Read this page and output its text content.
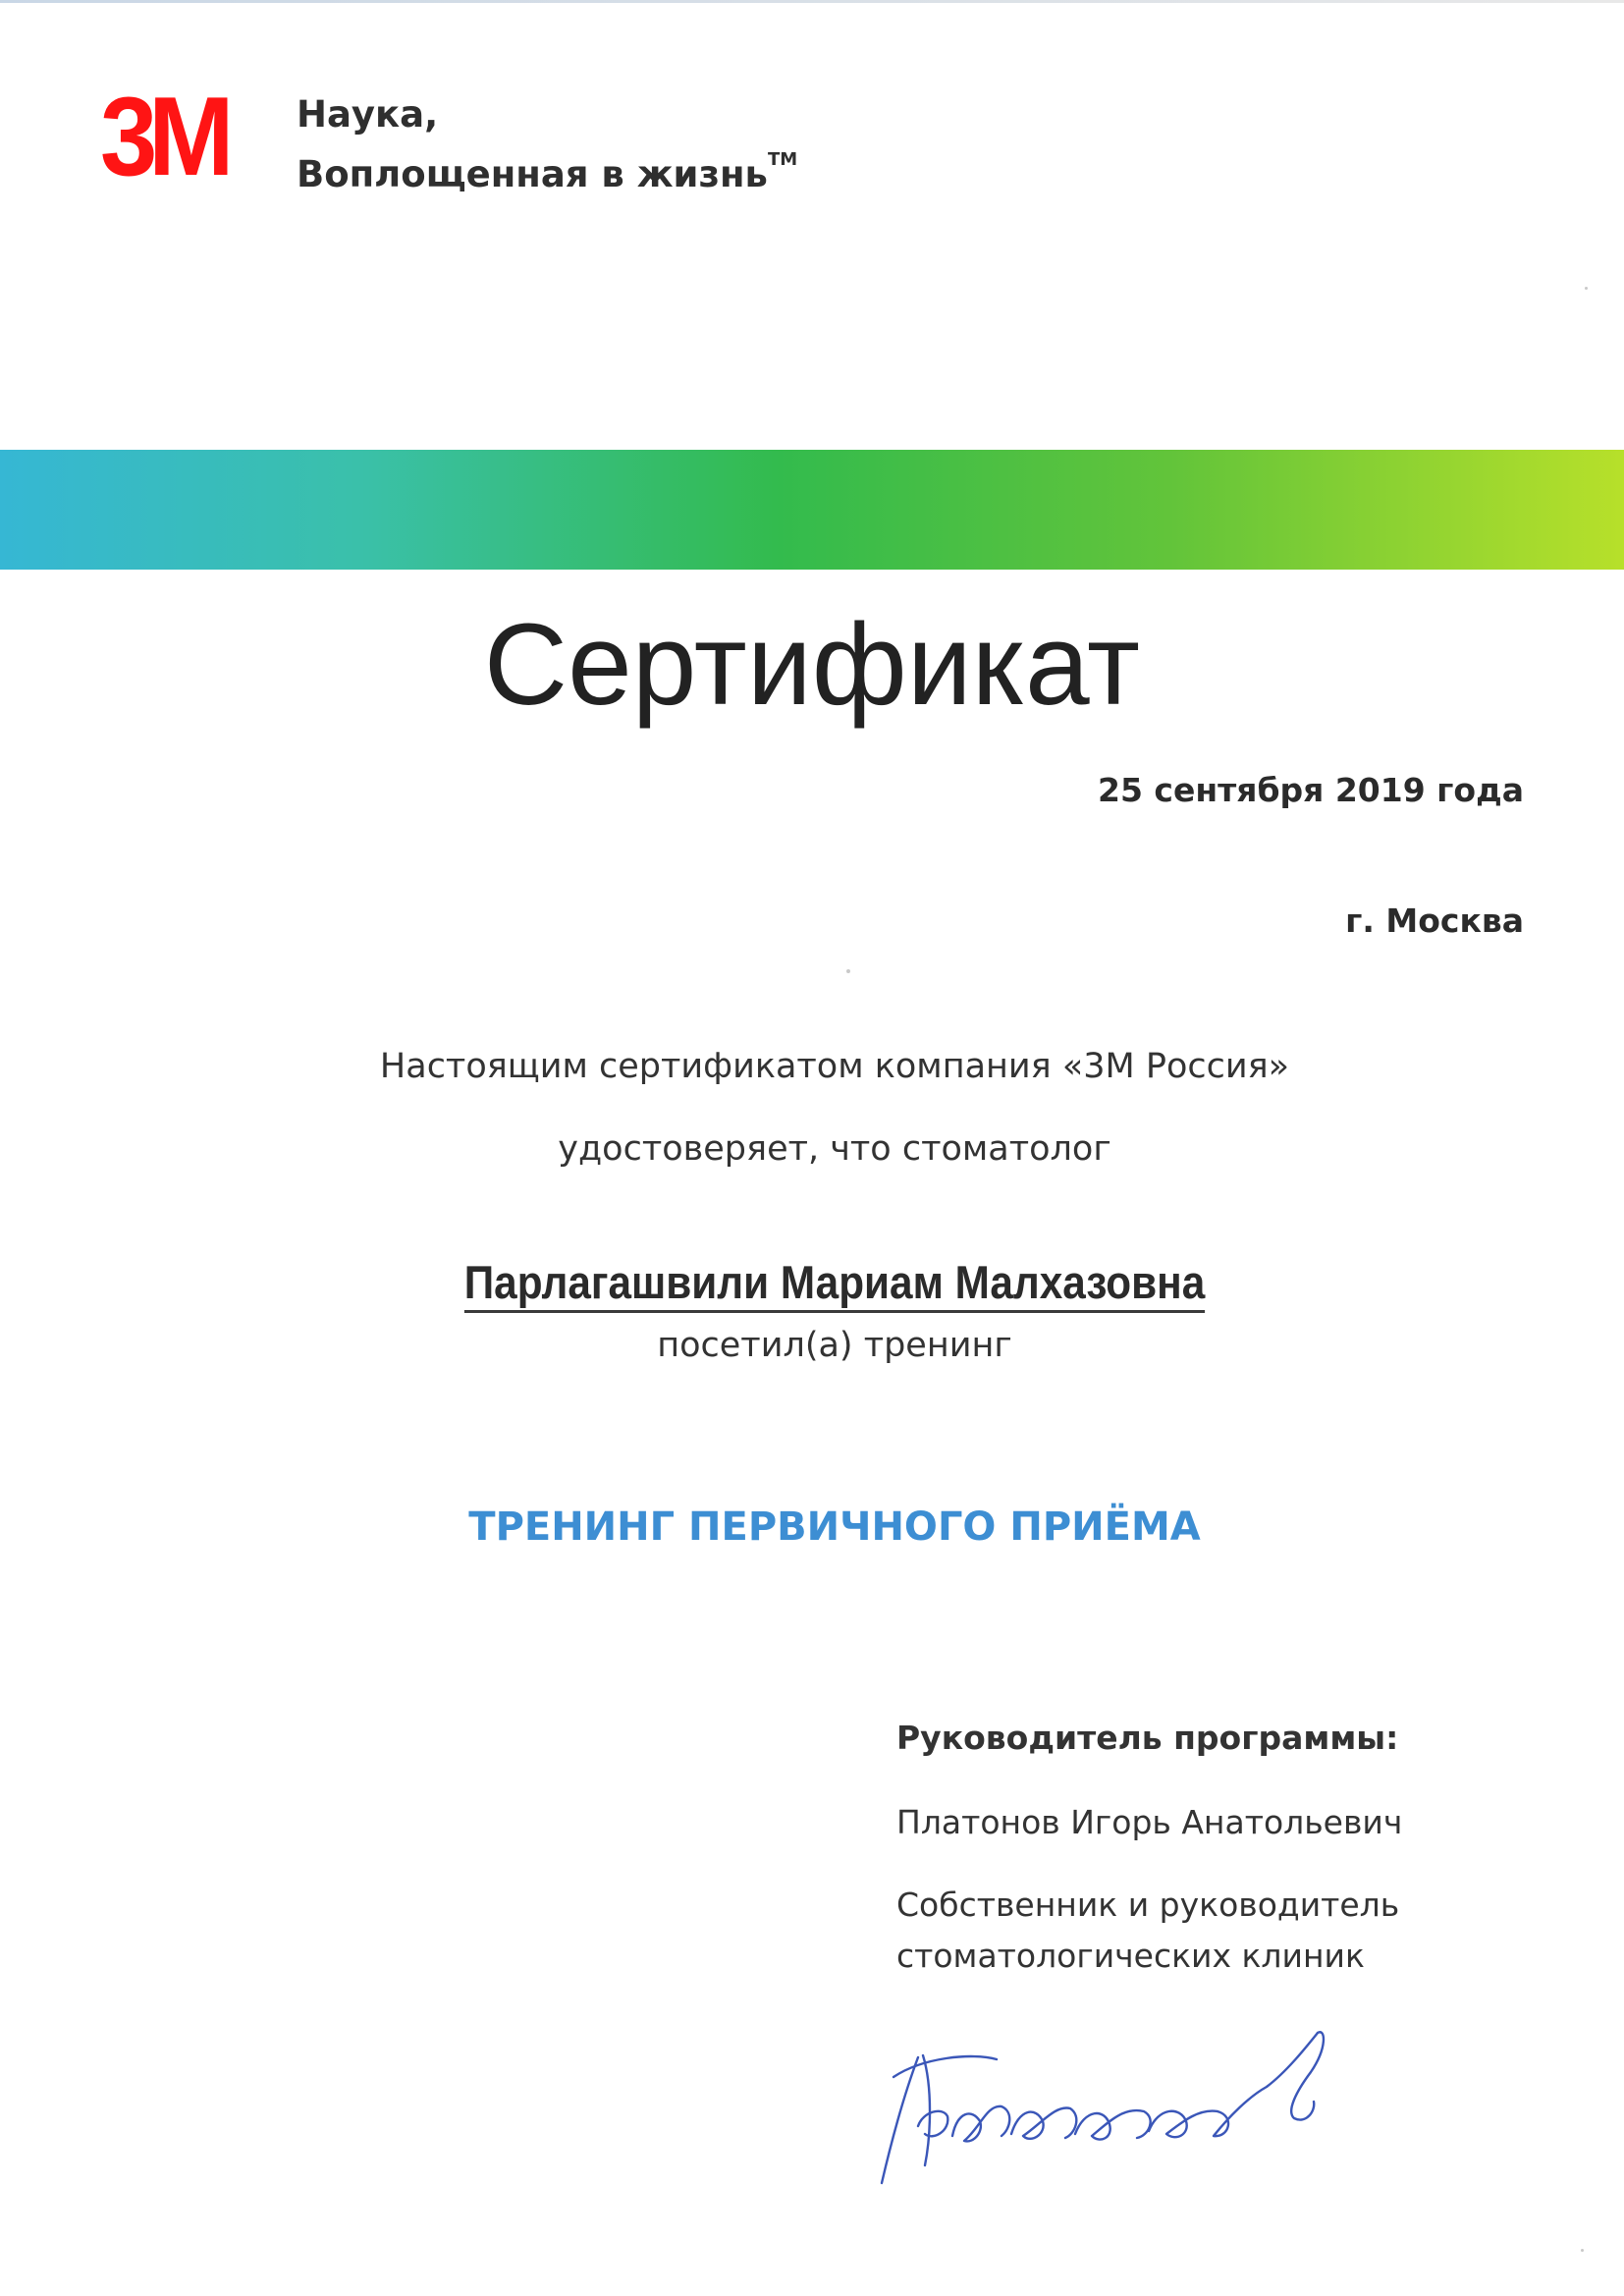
3M	Наука,
Воплощенная в жизнь™
Сертификат
25 сентября 2019 года
г. Москва
Настоящим сертификатом компания «3М Россия»
удостоверяет, что стоматолог
Парлагашвили Мариам Малхазовна
посетил(а) тренинг
ТРЕНИНГ ПЕРВИЧНОГО ПРИЁМА
Руководитель программы:
Платонов Игорь Анатольевич
Собственник и руководитель
стоматологических клиник
